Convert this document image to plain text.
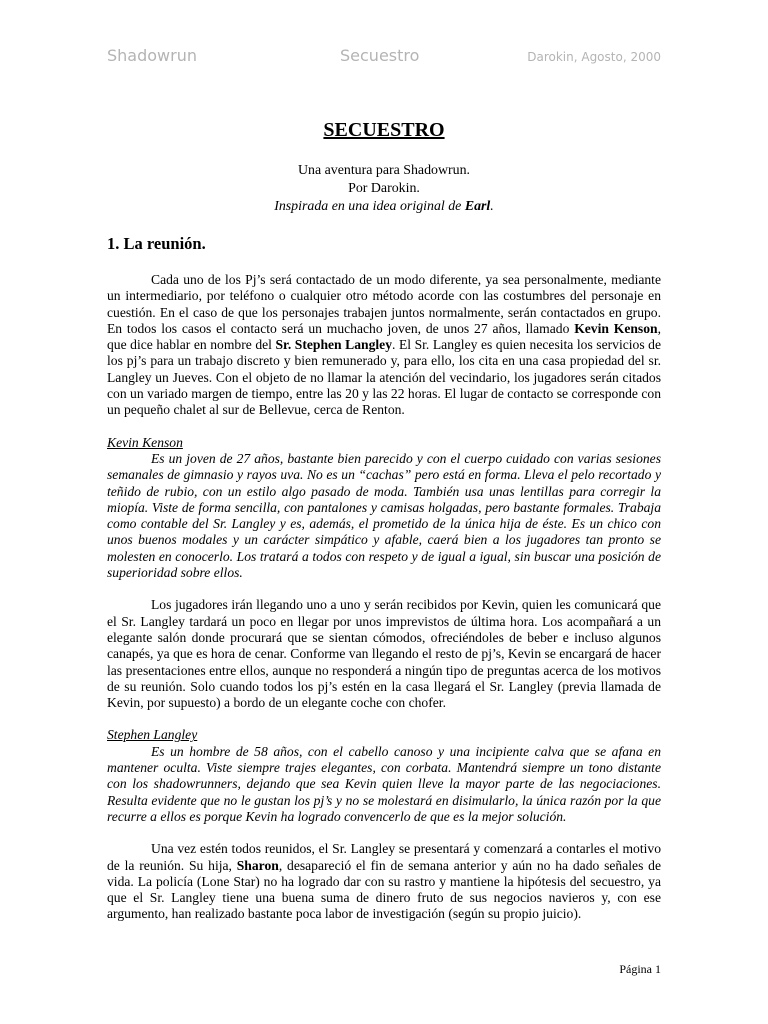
Shadowrun	Secuestro	Darokin, Agosto, 2000
SECUESTRO
Una aventura para Shadowrun.
Por Darokin.
Inspirada en una idea original de Earl.
1. La reunión.

Cada uno de los Pj’s será contactado de un modo diferente, ya sea personalmente, mediante un intermediario, por teléfono o cualquier otro método acorde con las costumbres del personaje en cuestión. En el caso de que los personajes trabajen juntos normalmente, serán contactados en grupo. En todos los casos el contacto será un muchacho joven, de unos 27 años, llamado Kevin Kenson, que dice hablar en nombre del Sr. Stephen Langley. El Sr. Langley es quien necesita los servicios de los pj’s para un trabajo discreto y bien remunerado y, para ello, los cita en una casa propiedad del sr. Langley un Jueves. Con el objeto de no llamar la atención del vecindario, los jugadores serán citados con un variado margen de tiempo, entre las 20 y las 22 horas. El lugar de contacto se corresponde con un pequeño chalet al sur de Bellevue, cerca de Renton.

Kevin Kenson

Es un joven de 27 años, bastante bien parecido y con el cuerpo cuidado con varias sesiones semanales de gimnasio y rayos uva. No es un “cachas” pero está en forma. Lleva el pelo recortado y teñido de rubio, con un estilo algo pasado de moda. También usa unas lentillas para corregir la miopía. Viste de forma sencilla, con pantalones y camisas holgadas, pero bastante formales. Trabaja como contable del Sr. Langley y es, además, el prometido de la única hija de éste. Es un chico con unos buenos modales y un carácter simpático y afable, caerá bien a los jugadores tan pronto se molesten en conocerlo. Los tratará a todos con respeto y de igual a igual, sin buscar una posición de superioridad sobre ellos.

Los jugadores irán llegando uno a uno y serán recibidos por Kevin, quien les comunicará que el Sr. Langley tardará un poco en llegar por unos imprevistos de última hora. Los acompañará a un elegante salón donde procurará que se sientan cómodos, ofreciéndoles de beber e incluso algunos canapés, ya que es hora de cenar. Conforme van llegando el resto de pj’s, Kevin se encargará de hacer las presentaciones entre ellos, aunque no responderá a ningún tipo de preguntas acerca de los motivos de su reunión. Solo cuando todos los pj’s estén en la casa llegará el Sr. Langley (previa llamada de Kevin, por supuesto) a bordo de un elegante coche con chofer.

Stephen Langley

Es un hombre de 58 años, con el cabello canoso y una incipiente calva que se afana en mantener oculta. Viste siempre trajes elegantes, con corbata. Mantendrá siempre un tono distante con los shadowrunners, dejando que sea Kevin quien lleve la mayor parte de las negociaciones. Resulta evidente que no le gustan los pj’s y no se molestará en disimularlo, la única razón por la que recurre a ellos es porque Kevin ha logrado convencerlo de que es la mejor solución.

Una vez estén todos reunidos, el Sr. Langley se presentará y comenzará a contarles el motivo de la reunión. Su hija, Sharon, desapareció el fin de semana anterior y aún no ha dado señales de vida. La policía (Lone Star) no ha logrado dar con su rastro y mantiene la hipótesis del secuestro, ya que el Sr. Langley tiene una buena suma de dinero fruto de sus negocios navieros y, con ese argumento, han realizado bastante poca labor de investigación (según su propio juicio).

Página 1
